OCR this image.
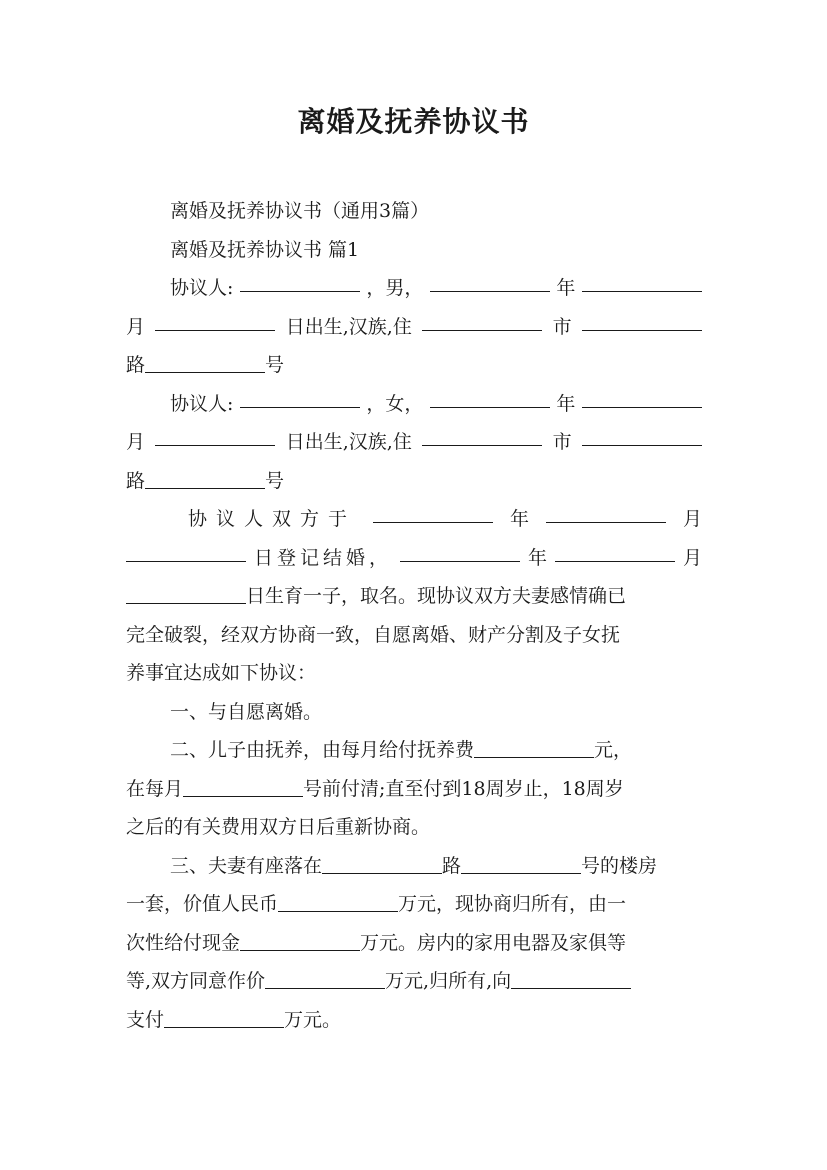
离婚及抚养协议书
离婚及抚养协议书（通用3篇）
离婚及抚养协议书 篇1
协议人:	，男，	年
月	日出生,汉族,住	市
路	号
协议人:	，女，	年
月	日出生,汉族,住	市
路	号
协议人双方于	年	月
日登记结婚，	年	月
日生育一子，取名。现协议双方夫妻感情确已
完全破裂，经双方协商一致，自愿离婚、财产分割及子女抚
养事宜达成如下协议：
一、与自愿离婚。
二、儿子由抚养，由每月给付抚养费	元，
在每月	号前付清;直至付到18周岁止，18周岁
之后的有关费用双方日后重新协商。
三、夫妻有座落在	路	号的楼房
一套，价值人民币	万元，现协商归所有，由一
次性给付现金	万元。房内的家用电器及家俱等
等,双方同意作价	万元,归所有,向
支付	万元。
